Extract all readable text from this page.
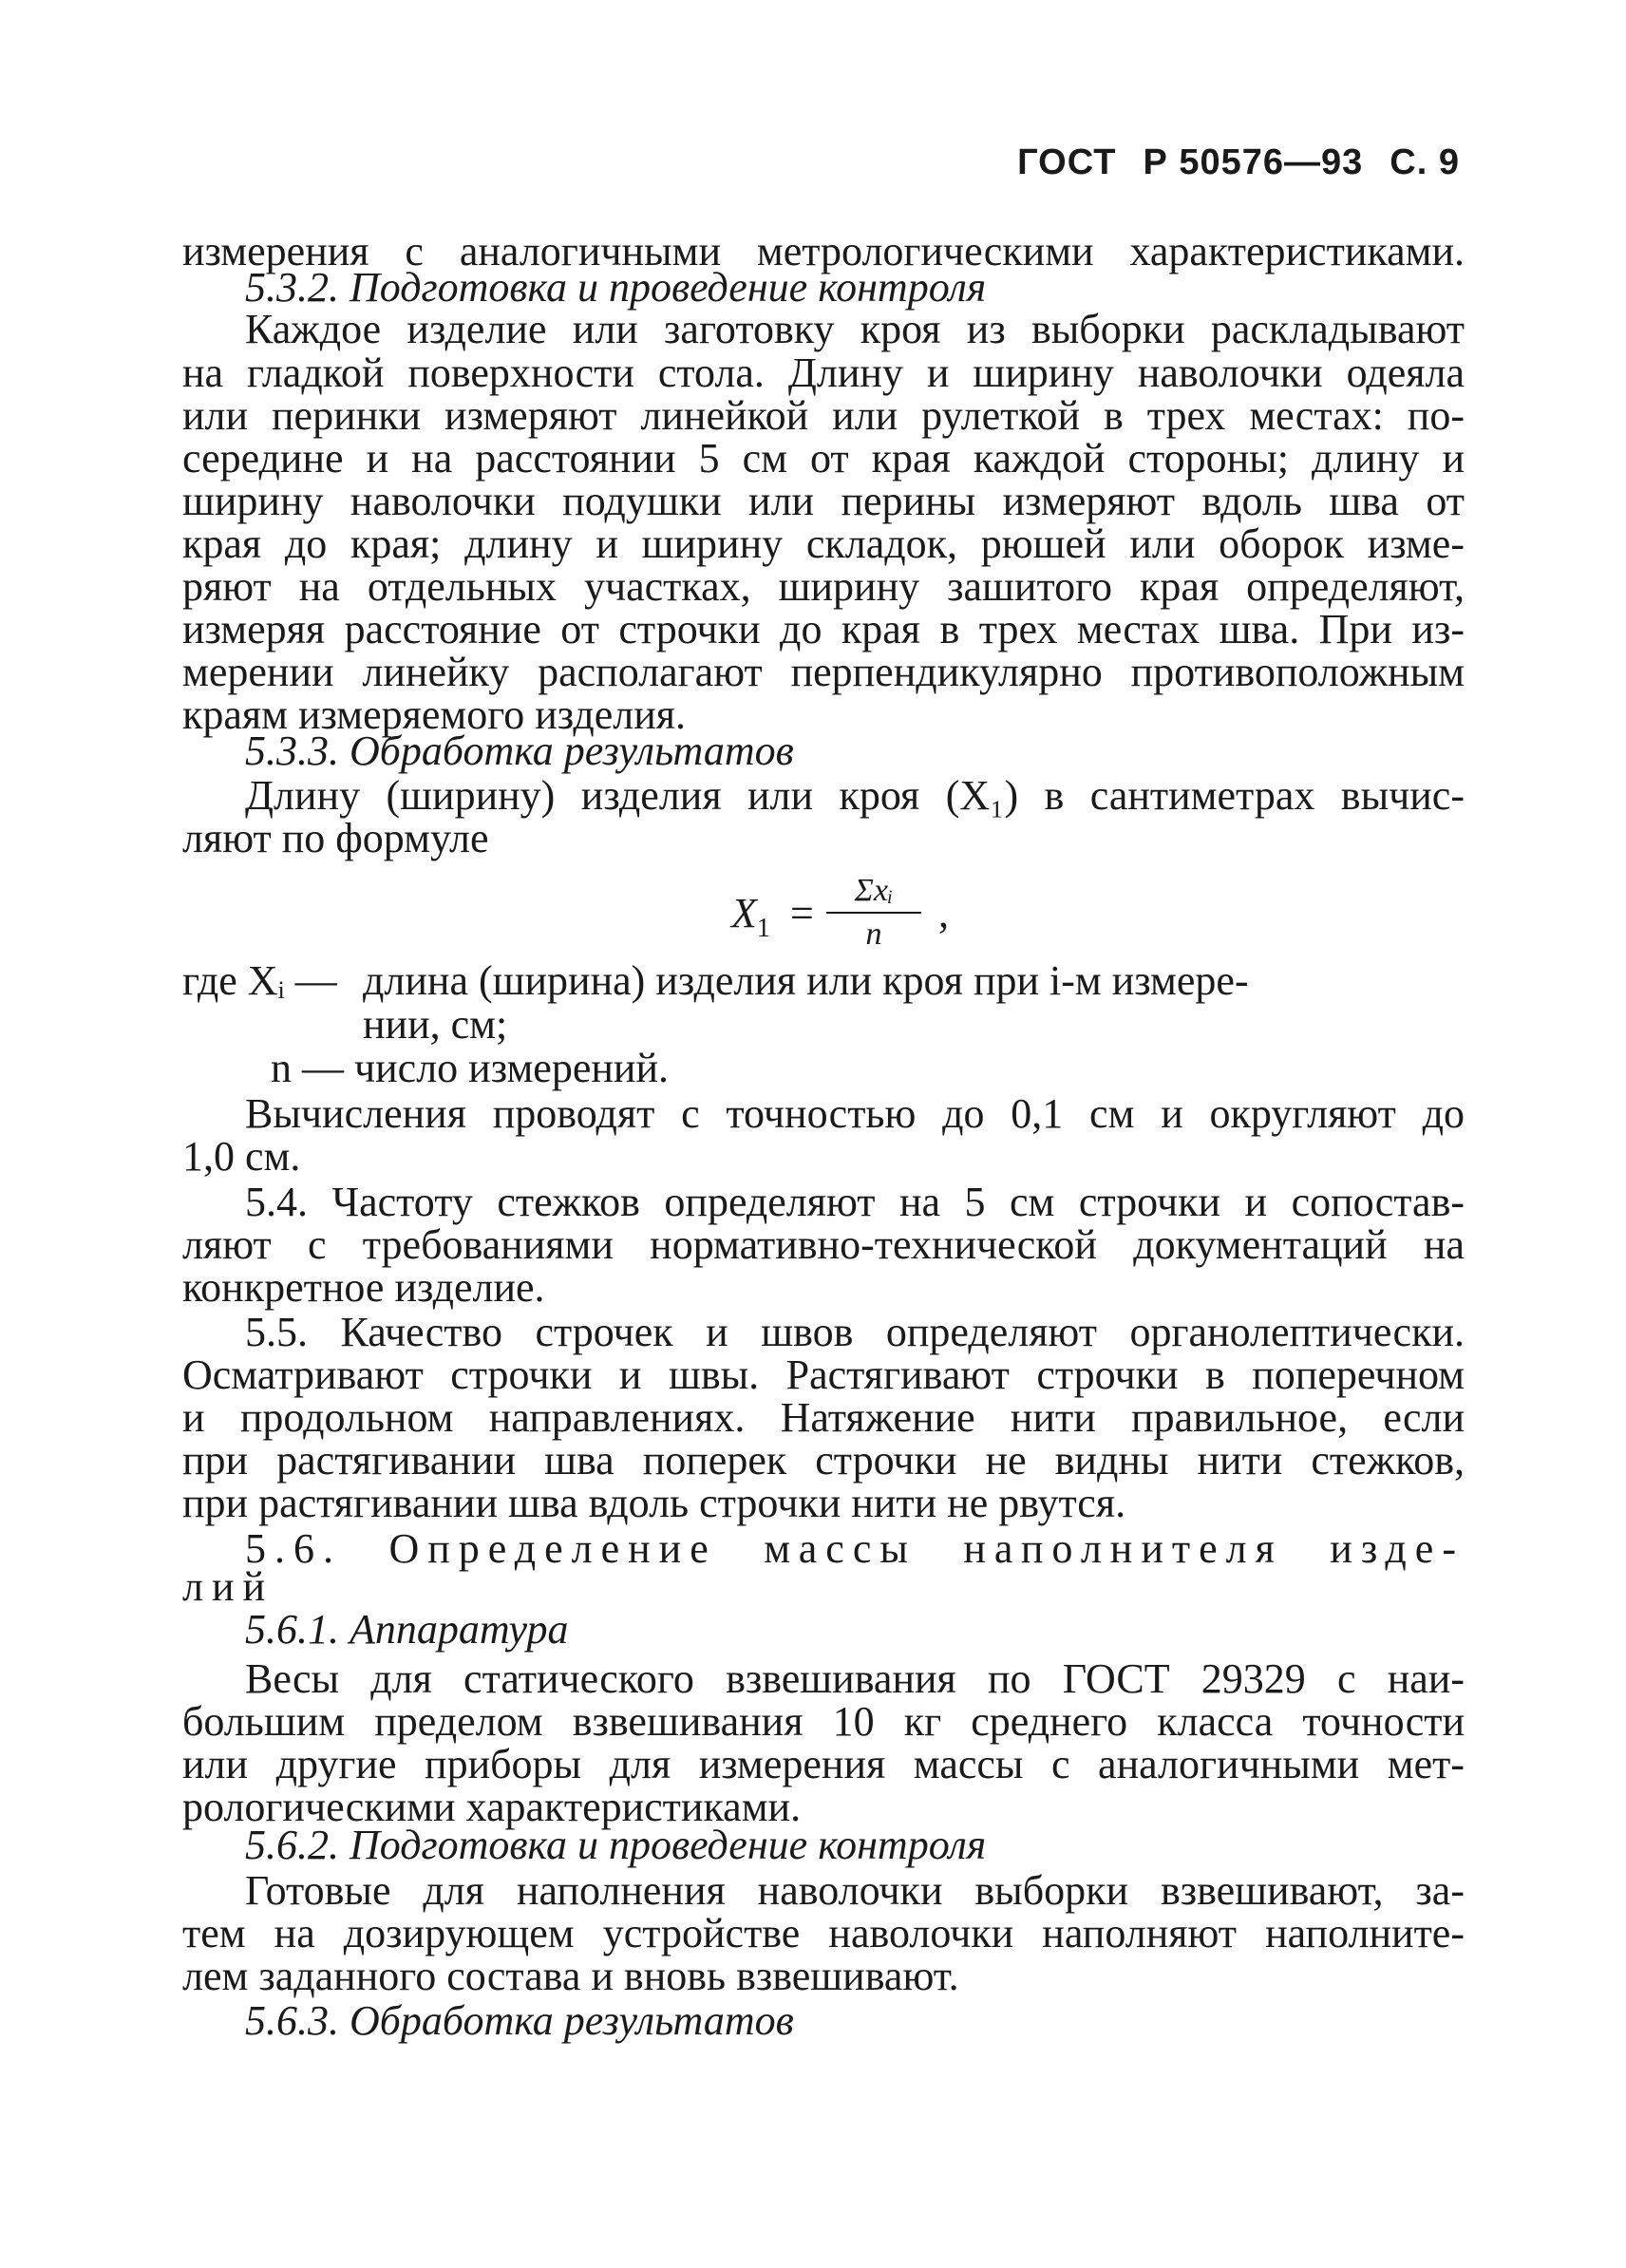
ГОСТ Р 50576—93 С. 9
измерения с аналогичными метрологическими характеристиками.
5.3.2. Подготовка и проведение контроля
Каждое изделие или заготовку кроя из выборки раскладывают
на гладкой поверхности стола. Длину и ширину наволочки одеяла
или перинки измеряют линейкой или рулеткой в трех местах: по-
середине и на расстоянии 5 см от края каждой стороны; длину и
ширину наволочки подушки или перины измеряют вдоль шва от
края до края; длину и ширину складок, рюшей или оборок изме-
ряют на отдельных участках, ширину зашитого края определяют,
измеряя расстояние от строчки до края в трех местах шва. При из-
мерении линейку располагают перпендикулярно противоположным
краям измеряемого изделия.
5.3.3. Обработка результатов
Длину (ширину) изделия или кроя (X₁) в сантиметрах вычис-
ляют по формуле
$X_1$ =	Σxᵢ
n	,
где Xᵢ — длина (ширина) изделия или кроя при i-м измере-
нии, см;
n — число измерений.
Вычисления проводят с точностью до 0,1 см и округляют до
1,0 см.
5.4. Частоту стежков определяют на 5 см строчки и сопостав-
ляют с требованиями нормативно-технической документаций на
конкретное изделие.
5.5. Качество строчек и швов определяют органолептически.
Осматривают строчки и швы. Растягивают строчки в поперечном
и продольном направлениях. Натяжение нити правильное, если
при растягивании шва поперек строчки не видны нити стежков,
при растягивании шва вдоль строчки нити не рвутся.
5.6. Определение массы наполнителя изде-
лий
5.6.1. Аппаратура
Весы для статического взвешивания по ГОСТ 29329 с наи-
большим пределом взвешивания 10 кг среднего класса точности
или другие приборы для измерения массы с аналогичными мет-
рологическими характеристиками.
5.6.2. Подготовка и проведение контроля
Готовые для наполнения наволочки выборки взвешивают, за-
тем на дозирующем устройстве наволочки наполняют наполните-
лем заданного состава и вновь взвешивают.
5.6.3. Обработка результатов
